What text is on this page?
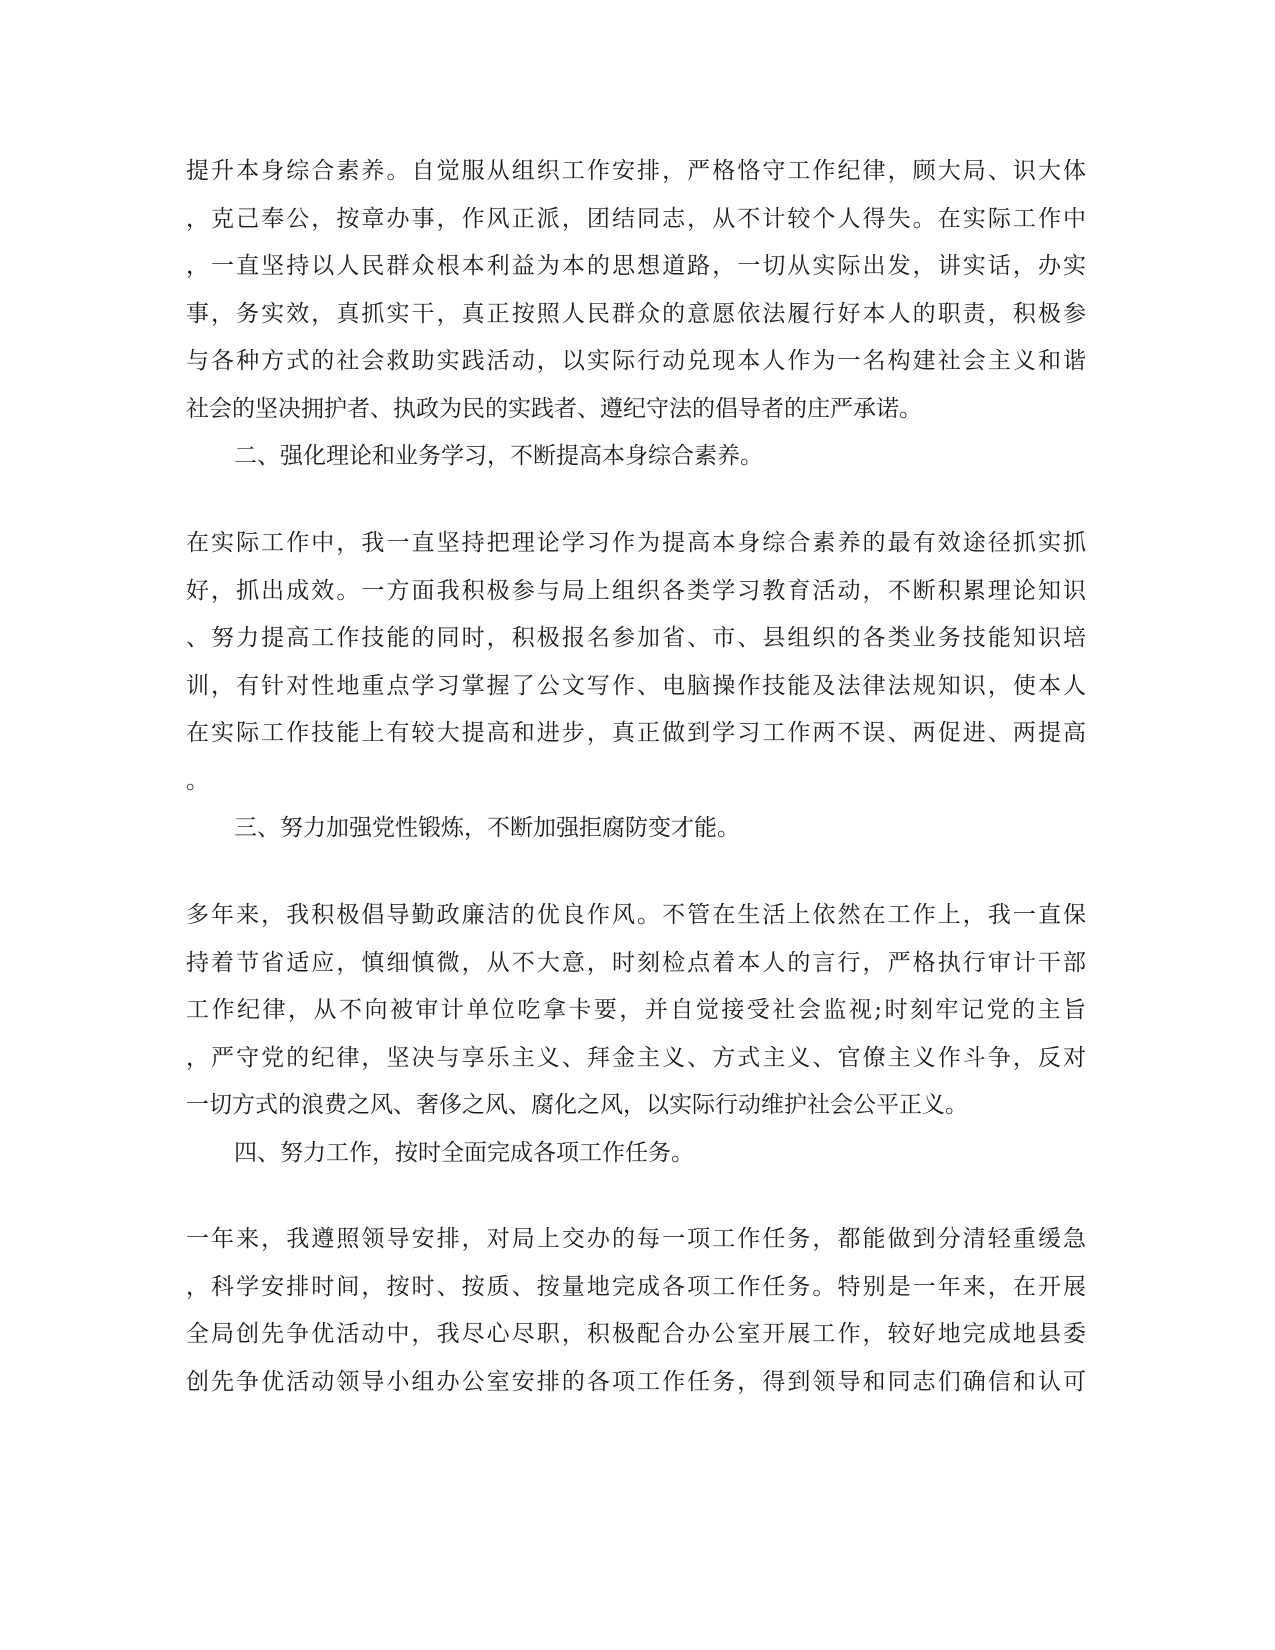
提升本身综合素养。自觉服从组织工作安排，严格恪守工作纪律，顾大局、识大体
，克己奉公，按章办事，作风正派，团结同志，从不计较个人得失。在实际工作中
，一直坚持以人民群众根本利益为本的思想道路，一切从实际出发，讲实话，办实
事，务实效，真抓实干，真正按照人民群众的意愿依法履行好本人的职责，积极参
与各种方式的社会救助实践活动，以实际行动兑现本人作为一名构建社会主义和谐
社会的坚决拥护者、执政为民的实践者、遵纪守法的倡导者的庄严承诺。
二、强化理论和业务学习，不断提高本身综合素养。
在实际工作中，我一直坚持把理论学习作为提高本身综合素养的最有效途径抓实抓
好，抓出成效。一方面我积极参与局上组织各类学习教育活动，不断积累理论知识
、努力提高工作技能的同时，积极报名参加省、市、县组织的各类业务技能知识培
训，有针对性地重点学习掌握了公文写作、电脑操作技能及法律法规知识，使本人
在实际工作技能上有较大提高和进步，真正做到学习工作两不误、两促进、两提高
。
三、努力加强党性锻炼，不断加强拒腐防变才能。
多年来，我积极倡导勤政廉洁的优良作风。不管在生活上依然在工作上，我一直保
持着节省适应，慎细慎微，从不大意，时刻检点着本人的言行，严格执行审计干部
工作纪律，从不向被审计单位吃拿卡要，并自觉接受社会监视;时刻牢记党的主旨
，严守党的纪律，坚决与享乐主义、拜金主义、方式主义、官僚主义作斗争，反对
一切方式的浪费之风、奢侈之风、腐化之风，以实际行动维护社会公平正义。
四、努力工作，按时全面完成各项工作任务。
一年来，我遵照领导安排，对局上交办的每一项工作任务，都能做到分清轻重缓急
，科学安排时间，按时、按质、按量地完成各项工作任务。特别是一年来，在开展
全局创先争优活动中，我尽心尽职，积极配合办公室开展工作，较好地完成地县委
创先争优活动领导小组办公室安排的各项工作任务，得到领导和同志们确信和认可
